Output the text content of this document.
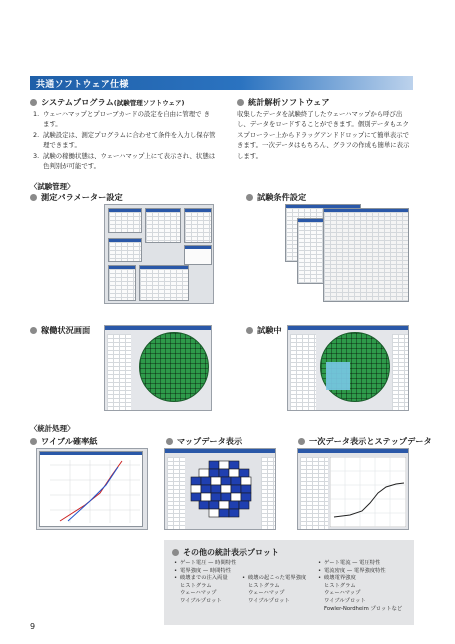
共通ソフトウェア仕様
システムプログラム(試験管理ソフトウェア)
1. ウェーハマップとプローブカードの設定を自由に管理で きます。
2. 試験設定は、測定プログラムに合わせて条件を入力し保存管理できます。
3. 試験の稼働状態は、ウェーハマップ上にて表示され、状態は色判別が可能です。
統計解析ソフトウェア
収集したデータを試験終了したウェーハマップから呼び出し、データをロードすることができます。個別データもエクスプローラー上からドラッグアンドドロップにて簡単表示できます。一次データはもちろん、グラフの作成も簡単に表示します。
〈試験管理〉
測定パラメーター設定	試験条件設定
稼働状況画面	試験中
〈統計処理〉
ワイブル確率紙	マップデータ表示	一次データ表示とステップデータ
その他の統計表示プロット
• ゲート電圧 — 時間特性
• 電界強度 — 時間特性
• 破壊までの注入両量
ヒストグラム
ウェーハマップ
ワイブルプロット
• 破壊の起こった電界強度
ヒストグラム
ウェーハマップ
ワイブルプロット
• ゲート電流 — 電圧特性
• 電流密度 — 電界強度特性
• 破壊電界強度
ヒストグラム
ウェーハマップ
ワイブルプロット
Fowler-Nordheim プロットなど
9
